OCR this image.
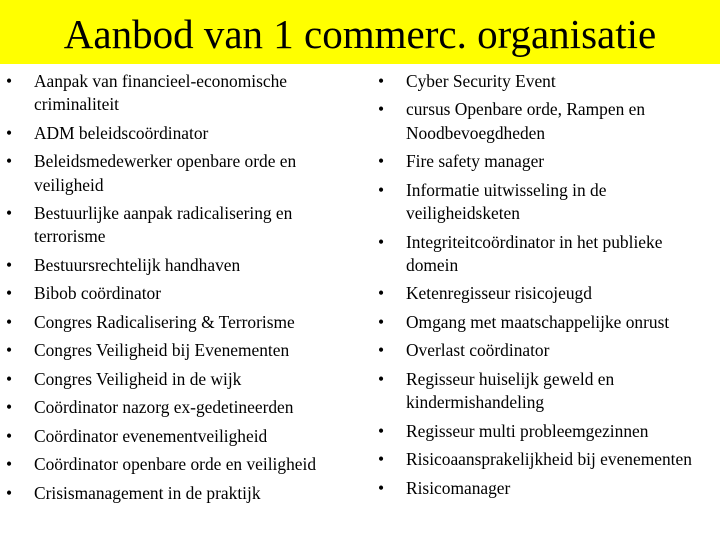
Aanbod van 1 commerc. organisatie
• Aanpak van financieel-economische criminaliteit
• ADM beleidscoördinator
• Beleidsmedewerker openbare orde en veiligheid
• Bestuurlijke aanpak radicalisering en terrorisme
• Bestuursrechtelijk handhaven
• Bibob coördinator
• Congres Radicalisering & Terrorisme
• Congres Veiligheid bij Evenementen
• Congres Veiligheid in de wijk
• Coördinator nazorg ex-gedetineerden
• Coördinator evenementveiligheid
• Coördinator openbare orde en veiligheid
• Crisismanagement in de praktijk
• Cyber Security Event
• cursus Openbare orde, Rampen en Noodbevoegdheden
• Fire safety manager
• Informatie uitwisseling in de veiligheidsketen
• Integriteitcoördinator in het publieke domein
• Ketenregisseur risicojeugd
• Omgang met maatschappelijke onrust
• Overlast coördinator
• Regisseur huiselijk geweld en kindermishandeling
• Regisseur multi probleemgezinnen
• Risicoaansprakelijkheid bij evenementen
• Risicomanager
